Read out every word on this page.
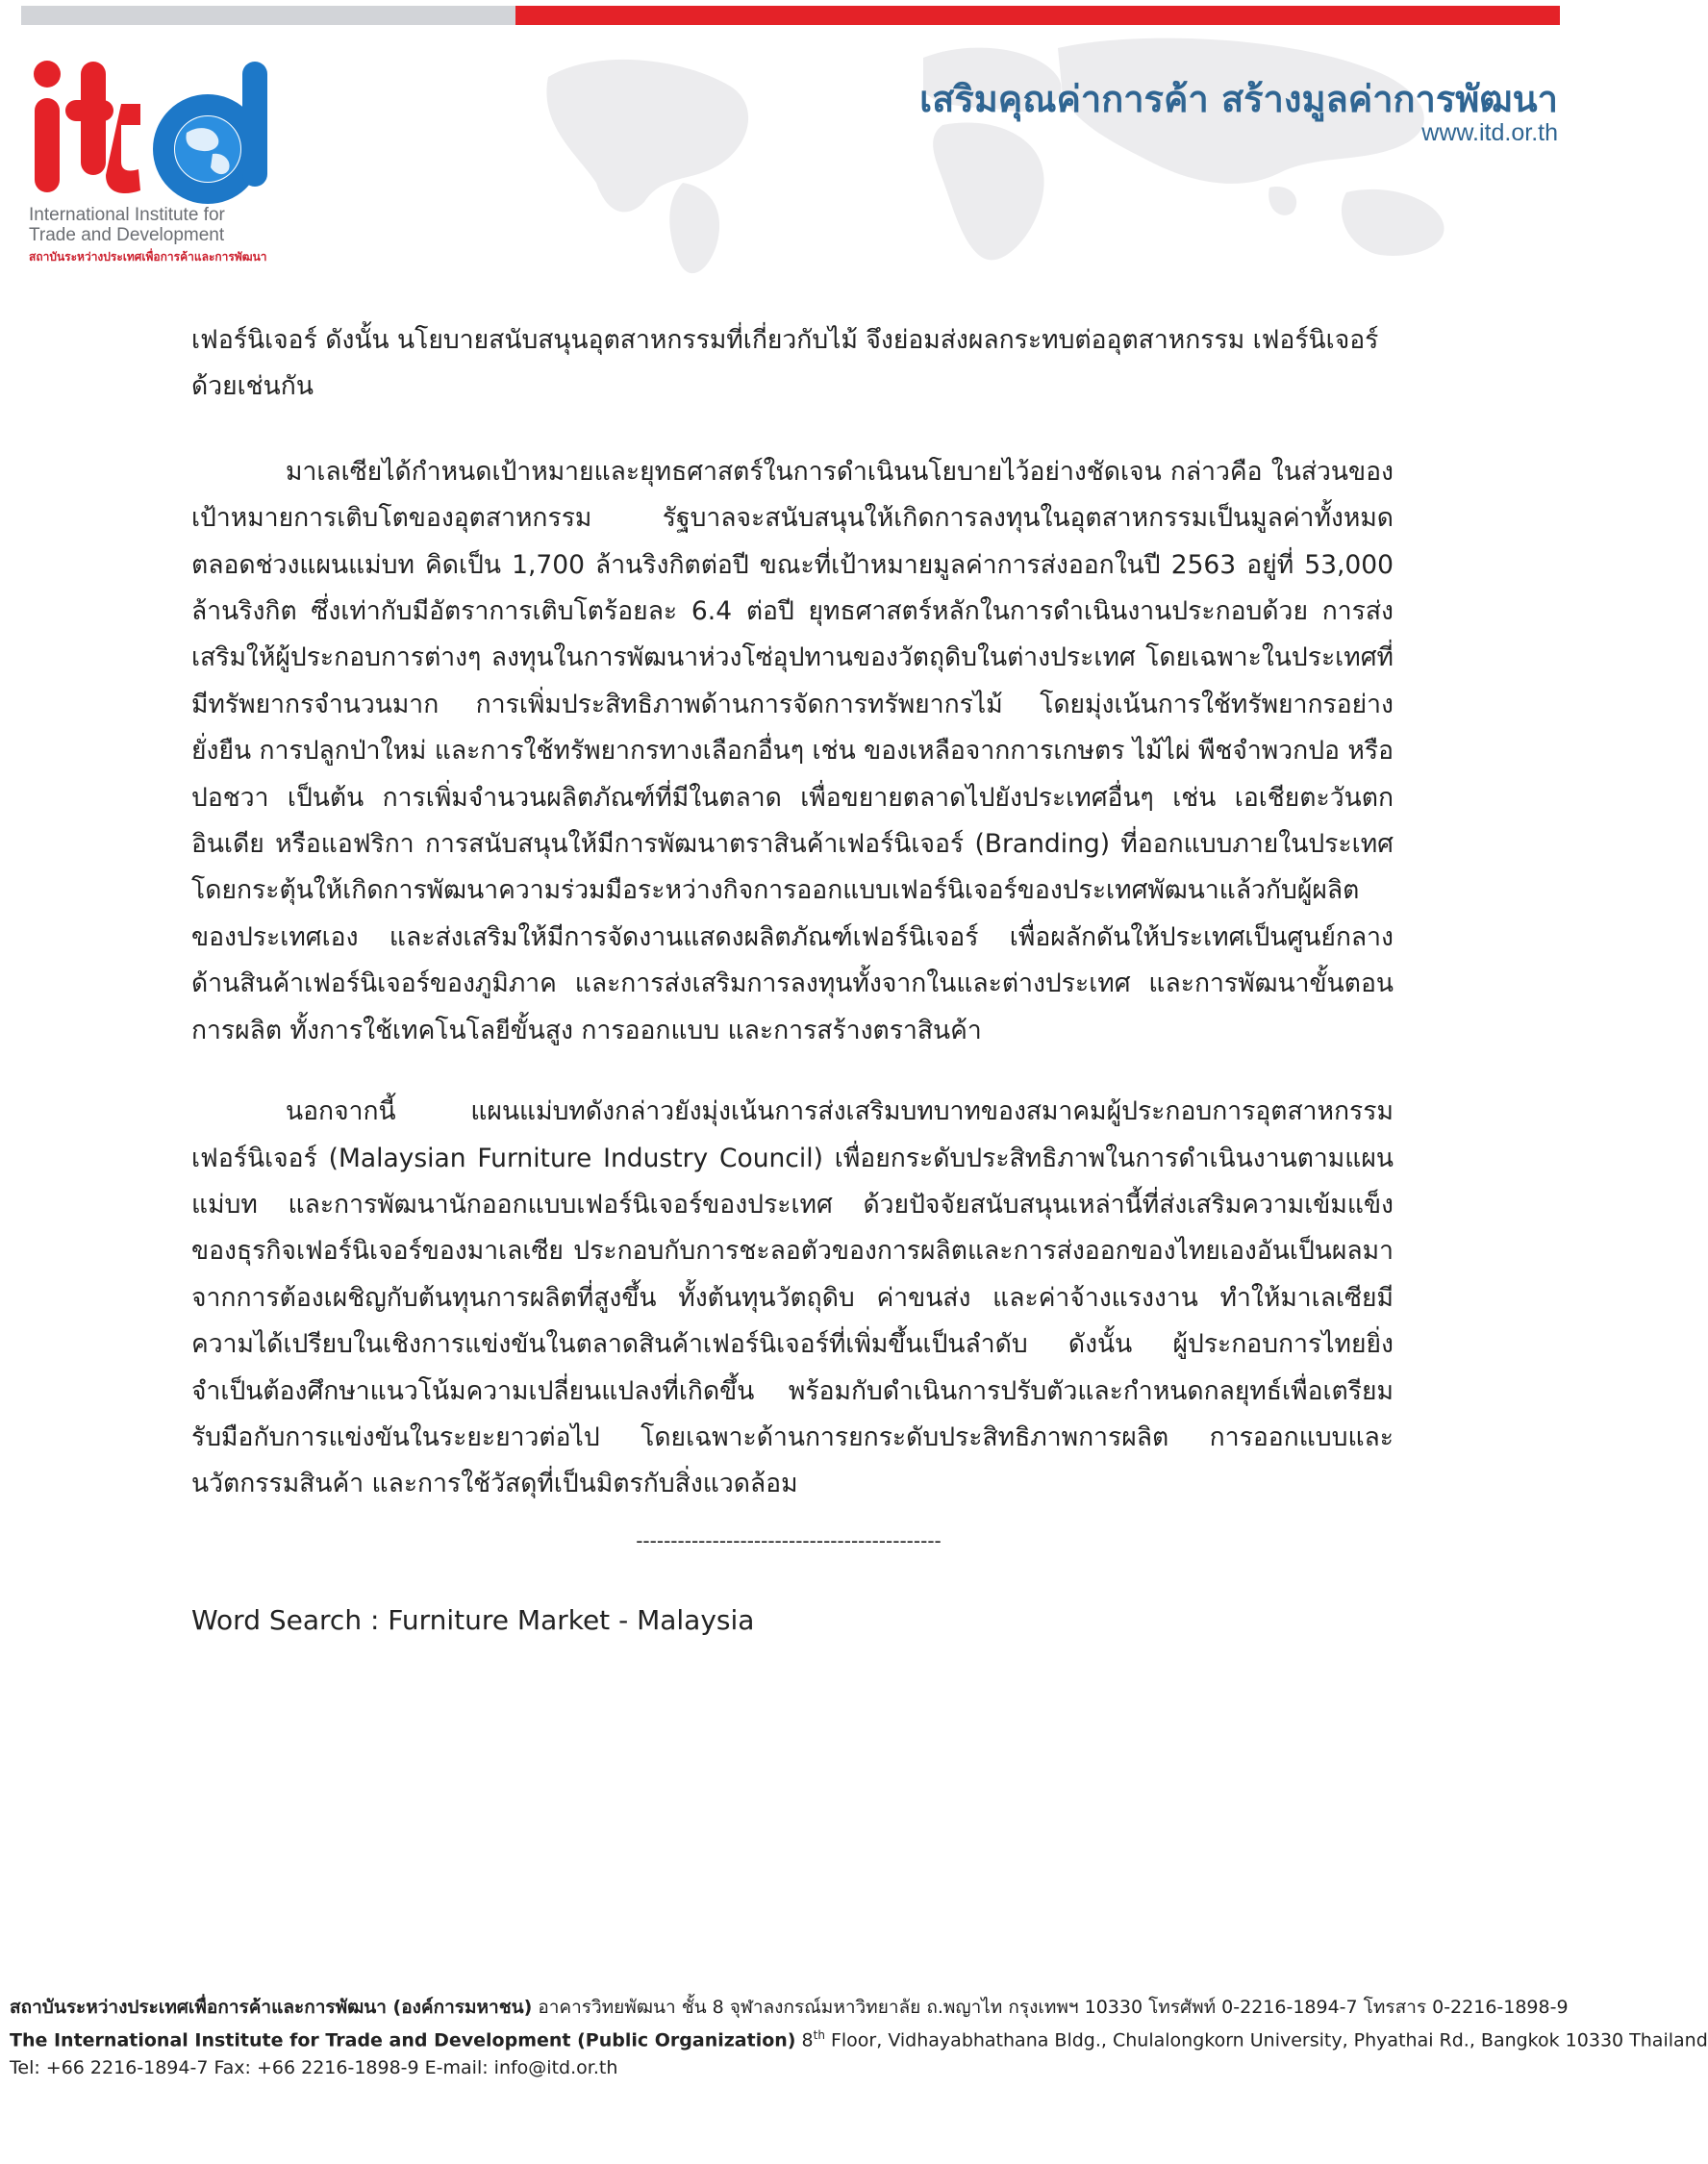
International Institute for
Trade and Development
สถาบันระหว่างประเทศเพื่อการค้าและการพัฒนา
เสริมคุณค่าการค้า สร้างมูลค่าการพัฒนา
www.itd.or.th

เฟอร์นิเจอร์ ดังนั้น นโยบายสนับสนุนอุตสาหกรรมที่เกี่ยวกับไม้ จึงย่อมส่งผลกระทบต่ออุตสาหกรรม เฟอร์นิเจอร์ด้วยเช่นกัน

มาเลเซียได้กำหนดเป้าหมายและยุทธศาสตร์ในการดำเนินนโยบายไว้อย่างชัดเจน กล่าวคือ ในส่วนของเป้าหมายการเติบโตของอุตสาหกรรม รัฐบาลจะสนับสนุนให้เกิดการลงทุนในอุตสาหกรรมเป็นมูลค่าทั้งหมดตลอดช่วงแผนแม่บท คิดเป็น 1,700 ล้านริงกิตต่อปี ขณะที่เป้าหมายมูลค่าการส่งออกในปี 2563 อยู่ที่ 53,000 ล้านริงกิต ซึ่งเท่ากับมีอัตราการเติบโตร้อยละ 6.4 ต่อปี ยุทธศาสตร์หลักในการดำเนินงานประกอบด้วย การส่งเสริมให้ผู้ประกอบการต่างๆ ลงทุนในการพัฒนาห่วงโซ่อุปทานของวัตถุดิบในต่างประเทศ โดยเฉพาะในประเทศที่มีทรัพยากรจำนวนมาก การเพิ่มประสิทธิภาพด้านการจัดการทรัพยากรไม้ โดยมุ่งเน้นการใช้ทรัพยากรอย่างยั่งยืน การปลูกป่าใหม่ และการใช้ทรัพยากรทางเลือกอื่นๆ เช่น ของเหลือจากการเกษตร ไม้ไผ่ พืชจำพวกปอ หรือปอชวา เป็นต้น การเพิ่มจำนวนผลิตภัณฑ์ที่มีในตลาด เพื่อขยายตลาดไปยังประเทศอื่นๆ เช่น เอเชียตะวันตก อินเดีย หรือแอฟริกา การสนับสนุนให้มีการพัฒนาตราสินค้าเฟอร์นิเจอร์ (Branding) ที่ออกแบบภายในประเทศ โดยกระตุ้นให้เกิดการพัฒนาความร่วมมือระหว่างกิจการออกแบบเฟอร์นิเจอร์ของประเทศพัฒนาแล้วกับผู้ผลิตของประเทศเอง และส่งเสริมให้มีการจัดงานแสดงผลิตภัณฑ์เฟอร์นิเจอร์ เพื่อผลักดันให้ประเทศเป็นศูนย์กลางด้านสินค้าเฟอร์นิเจอร์ของภูมิภาค และการส่งเสริมการลงทุนทั้งจากในและต่างประเทศ และการพัฒนาขั้นตอนการผลิต ทั้งการใช้เทคโนโลยีขั้นสูง การออกแบบ และการสร้างตราสินค้า

นอกจากนี้ แผนแม่บทดังกล่าวยังมุ่งเน้นการส่งเสริมบทบาทของสมาคมผู้ประกอบการอุตสาหกรรมเฟอร์นิเจอร์ (Malaysian Furniture Industry Council) เพื่อยกระดับประสิทธิภาพในการดำเนินงานตามแผนแม่บท และการพัฒนานักออกแบบเฟอร์นิเจอร์ของประเทศ ด้วยปัจจัยสนับสนุนเหล่านี้ที่ส่งเสริมความเข้มแข็งของธุรกิจเฟอร์นิเจอร์ของมาเลเซีย ประกอบกับการชะลอตัวของการผลิตและการส่งออกของไทยเองอันเป็นผลมาจากการต้องเผชิญกับต้นทุนการผลิตที่สูงขึ้น ทั้งต้นทุนวัตถุดิบ ค่าขนส่ง และค่าจ้างแรงงาน ทำให้มาเลเซียมีความได้เปรียบในเชิงการแข่งขันในตลาดสินค้าเฟอร์นิเจอร์ที่เพิ่มขึ้นเป็นลำดับ ดังนั้น ผู้ประกอบการไทยยิ่งจำเป็นต้องศึกษาแนวโน้มความเปลี่ยนแปลงที่เกิดขึ้น พร้อมกับดำเนินการปรับตัวและกำหนดกลยุทธ์เพื่อเตรียมรับมือกับการแข่งขันในระยะยาวต่อไป โดยเฉพาะด้านการยกระดับประสิทธิภาพการผลิต การออกแบบและนวัตกรรมสินค้า และการใช้วัสดุที่เป็นมิตรกับสิ่งแวดล้อม

--------------------------------------------
Word Search : Furniture Market - Malaysia
สถาบันระหว่างประเทศเพื่อการค้าและการพัฒนา (องค์การมหาชน) อาคารวิทยพัฒนา ชั้น 8 จุฬาลงกรณ์มหาวิทยาลัย ถ.พญาไท กรุงเทพฯ 10330 โทรศัพท์ 0-2216-1894-7 โทรสาร 0-2216-1898-9
The International Institute for Trade and Development (Public Organization) 8th Floor, Vidhayabhathana Bldg., Chulalongkorn University, Phyathai Rd., Bangkok 10330 Thailand
Tel: +66 2216-1894-7 Fax: +66 2216-1898-9 E-mail: info@itd.or.th
